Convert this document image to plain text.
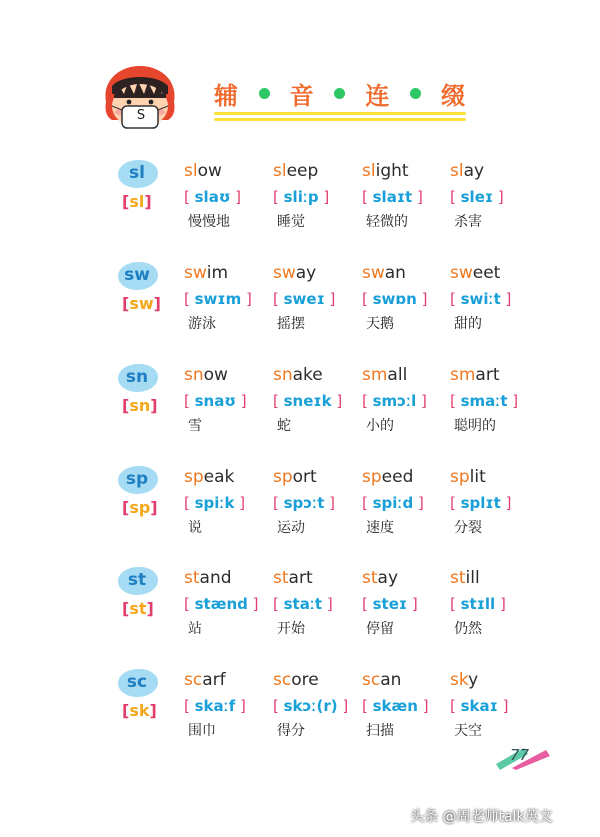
S
辅 音 连 缀
sl
[sl]
slow
[ slaʊ ]
慢慢地
sleep
[ sliːp ]
睡觉
slight
[ slaɪt ]
轻微的
slay
[ sleɪ ]
杀害
sw
[sw]
swim
[ swɪm ]
游泳
sway
[ sweɪ ]
摇摆
swan
[ swɒn ]
天鹅
sweet
[ swiːt ]
甜的
sn
[sn]
snow
[ snaʊ ]
雪
snake
[ sneɪk ]
蛇
small
[ smɔːl ]
小的
smart
[ smaːt ]
聪明的
sp
[sp]
speak
[ spiːk ]
说
sport
[ spɔːt ]
运动
speed
[ spiːd ]
速度
split
[ splɪt ]
分裂
st
[st]
stand
[ stænd ]
站
start
[ staːt ]
开始
stay
[ steɪ ]
停留
still
[ stɪll ]
仍然
sc
[sk]
scarf
[ skaːf ]
围巾
score
[ skɔː(r) ]
得分
scan
[ skæn ]
扫描
sky
[ skaɪ ]
天空
77
头条 @周老师talk英文
